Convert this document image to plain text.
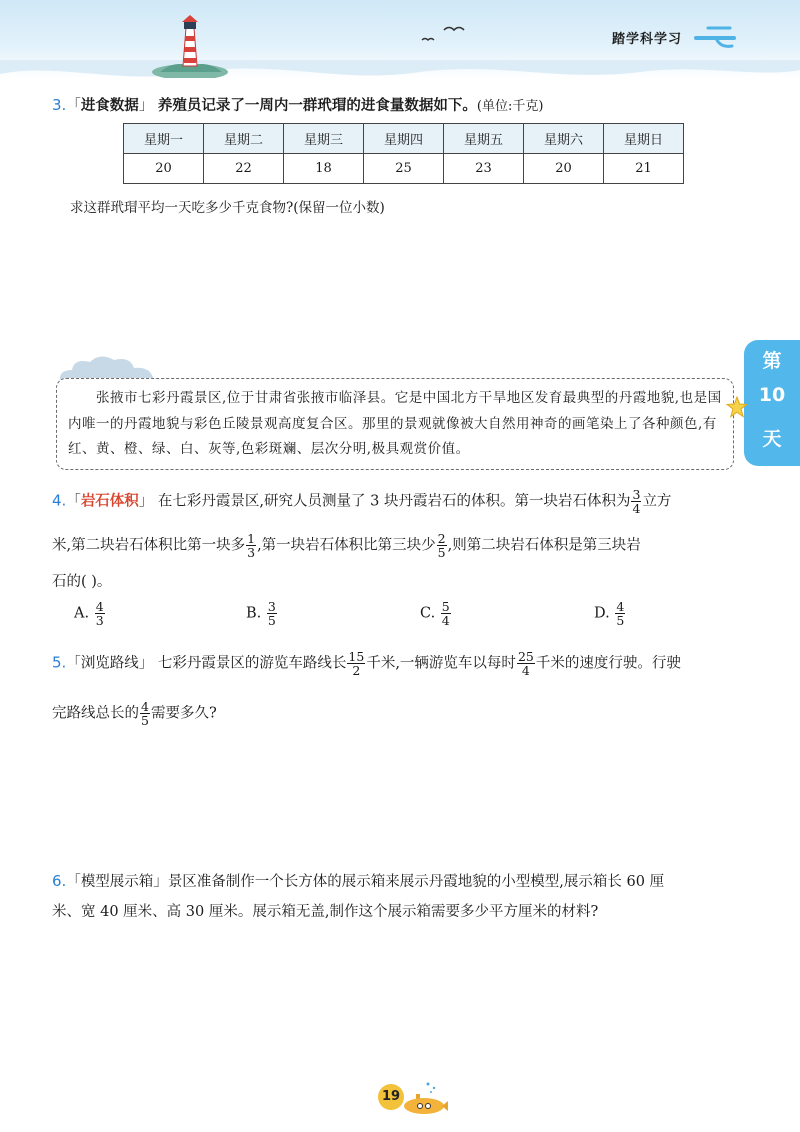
踏学科学习
3.「进食数据」 养殖员记录了一周内一群玳瑁的进食量数据如下。(单位:千克)
星期一	星期二	星期三	星期四	星期五	星期六	星期日
20	22	18	25	23	20	21
求这群玳瑁平均一天吃多少千克食物?(保留一位小数)
张掖市七彩丹霞景区,位于甘肃省张掖市临泽县。它是中国北方干旱地区发育最典型的丹霞地貌,也是国内唯一的丹霞地貌与彩色丘陵景观高度复合区。那里的景观就像被大自然用神奇的画笔染上了各种颜色,有红、黄、橙、绿、白、灰等,色彩斑斓、层次分明,极具观赏价值。
第
10
天
4.「岩石体积」 在七彩丹霞景区,研究人员测量了 3 块丹霞岩石的体积。第一块岩石体积为 $\frac{3}{4}$ 立方
米,第二块岩石体积比第一块多 $\frac{1}{3}$ ,第一块岩石体积比第三块少 $\frac{2}{5}$ ,则第二块岩石体积是第三块岩
石的( )。
A. $\frac{4}{3}$	B. $\frac{3}{5}$	C. $\frac{5}{4}$	D. $\frac{4}{5}$
5.「浏览路线」 七彩丹霞景区的游览车路线长 $\frac{15}{2}$ 千米,一辆游览车以每时 $\frac{25}{4}$ 千米的速度行驶。行驶
完路线总长的 $\frac{4}{5}$ 需要多久?
6.「模型展示箱」景区准备制作一个长方体的展示箱来展示丹霞地貌的小型模型,展示箱长 60 厘
米、宽 40 厘米、高 30 厘米。展示箱无盖,制作这个展示箱需要多少平方厘米的材料?
19
